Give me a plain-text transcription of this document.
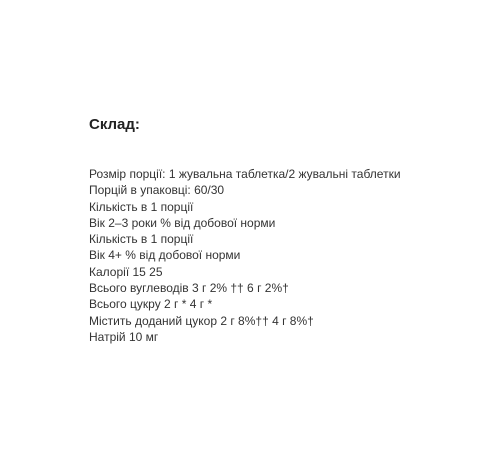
Склад:
Розмір порції: 1 жувальна таблетка/2 жувальні таблетки
Порцій в упаковці: 60/30
Кількість в 1 порції
Вік 2–3 роки % від добової норми
Кількість в 1 порції
Вік 4+ % від добової норми
Калорії 15 25
Всього вуглеводів 3 г 2% †† 6 г 2%†
Всього цукру 2 г * 4 г *
Містить доданий цукор 2 г 8%†† 4 г 8%†
Натрій 10 мг
